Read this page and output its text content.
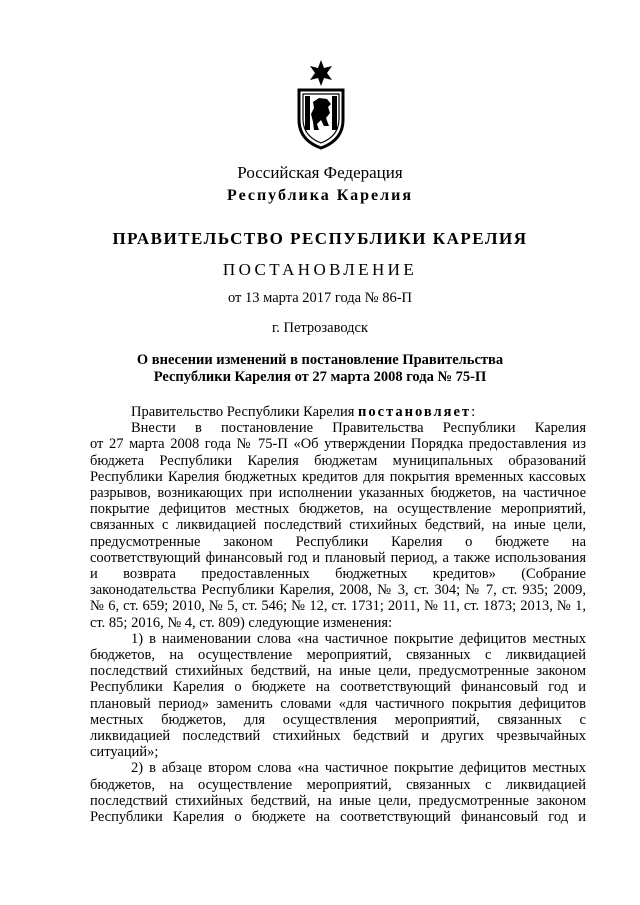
Российская Федерация
Республика Карелия
ПРАВИТЕЛЬСТВО РЕСПУБЛИКИ КАРЕЛИЯ
ПОСТАНОВЛЕНИЕ
от 13 марта 2017 года № 86-П
г. Петрозаводск
О внесении изменений в постановление Правительства
Республики Карелия от 27 марта 2008 года № 75-П

Правительство Республики Карелия постановляет:

Внести в постановление Правительства Республики Карелия

от 27 марта 2008 года № 75-П «Об утверждении Порядка предоставления из

бюджета Республики Карелия бюджетам муниципальных образований

Республики Карелия бюджетных кредитов для покрытия временных кассовых

разрывов, возникающих при исполнении указанных бюджетов, на частичное

покрытие дефицитов местных бюджетов, на осуществление мероприятий,

связанных с ликвидацией последствий стихийных бедствий, на иные цели,

предусмотренные законом Республики Карелия о бюджете на

соответствующий финансовый год и плановый период, а также использования

и возврата предоставленных бюджетных кредитов» (Собрание

законодательства Республики Карелия, 2008, № 3, ст. 304; № 7, ст. 935; 2009,

№ 6, ст. 659; 2010, № 5, ст. 546; № 12, ст. 1731; 2011, № 11, ст. 1873; 2013, № 1,

ст. 85; 2016, № 4, ст. 809) следующие изменения:

1) в наименовании слова «на частичное покрытие дефицитов местных

бюджетов, на осуществление мероприятий, связанных с ликвидацией

последствий стихийных бедствий, на иные цели, предусмотренные законом

Республики Карелия о бюджете на соответствующий финансовый год и

плановый период» заменить словами «для частичного покрытия дефицитов

местных бюджетов, для осуществления мероприятий, связанных с

ликвидацией последствий стихийных бедствий и других чрезвычайных

ситуаций»;

2) в абзаце втором слова «на частичное покрытие дефицитов местных

бюджетов, на осуществление мероприятий, связанных с ликвидацией

последствий стихийных бедствий, на иные цели, предусмотренные законом

Республики Карелия о бюджете на соответствующий финансовый год и
